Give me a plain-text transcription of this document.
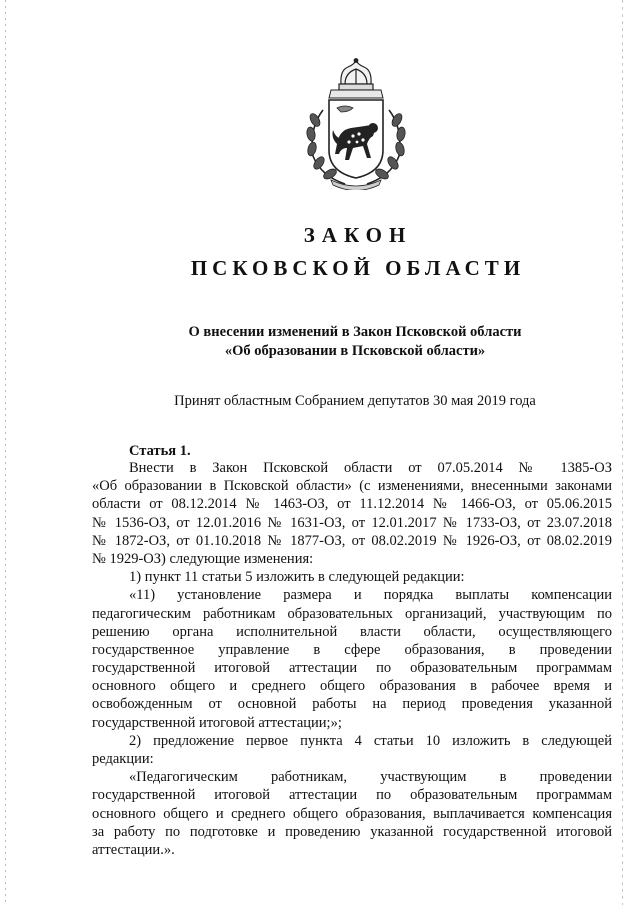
ЗАКОН
ПСКОВСКОЙ ОБЛАСТИ
О внесении изменений в Закон Псковской области
«Об образовании в Псковской области»
Принят областным Собранием депутатов 30 мая 2019 года
Статья 1.
Внести в Закон Псковской области от 07.05.2014 № 1385-ОЗ
«Об образовании в Псковской области» (с изменениями, внесенными законами
области от 08.12.2014 № 1463-ОЗ, от 11.12.2014 № 1466-ОЗ, от 05.06.2015
№ 1536-ОЗ, от 12.01.2016 № 1631-ОЗ, от 12.01.2017 № 1733-ОЗ, от 23.07.2018
№ 1872-ОЗ, от 01.10.2018 № 1877-ОЗ, от 08.02.2019 № 1926-ОЗ, от 08.02.2019
№ 1929-ОЗ) следующие изменения:
1) пункт 11 статьи 5 изложить в следующей редакции:
«11) установление размера и порядка выплаты компенсации
педагогическим работникам образовательных организаций, участвующим по
решению органа исполнительной власти области, осуществляющего
государственное управление в сфере образования, в проведении
государственной итоговой аттестации по образовательным программам
основного общего и среднего общего образования в рабочее время и
освобожденным от основной работы на период проведения указанной
государственной итоговой аттестации;»;
2) предложение первое пункта 4 статьи 10 изложить в следующей
редакции:
«Педагогическим работникам, участвующим в проведении
государственной итоговой аттестации по образовательным программам
основного общего и среднего общего образования, выплачивается компенсация
за работу по подготовке и проведению указанной государственной итоговой
аттестации.».
